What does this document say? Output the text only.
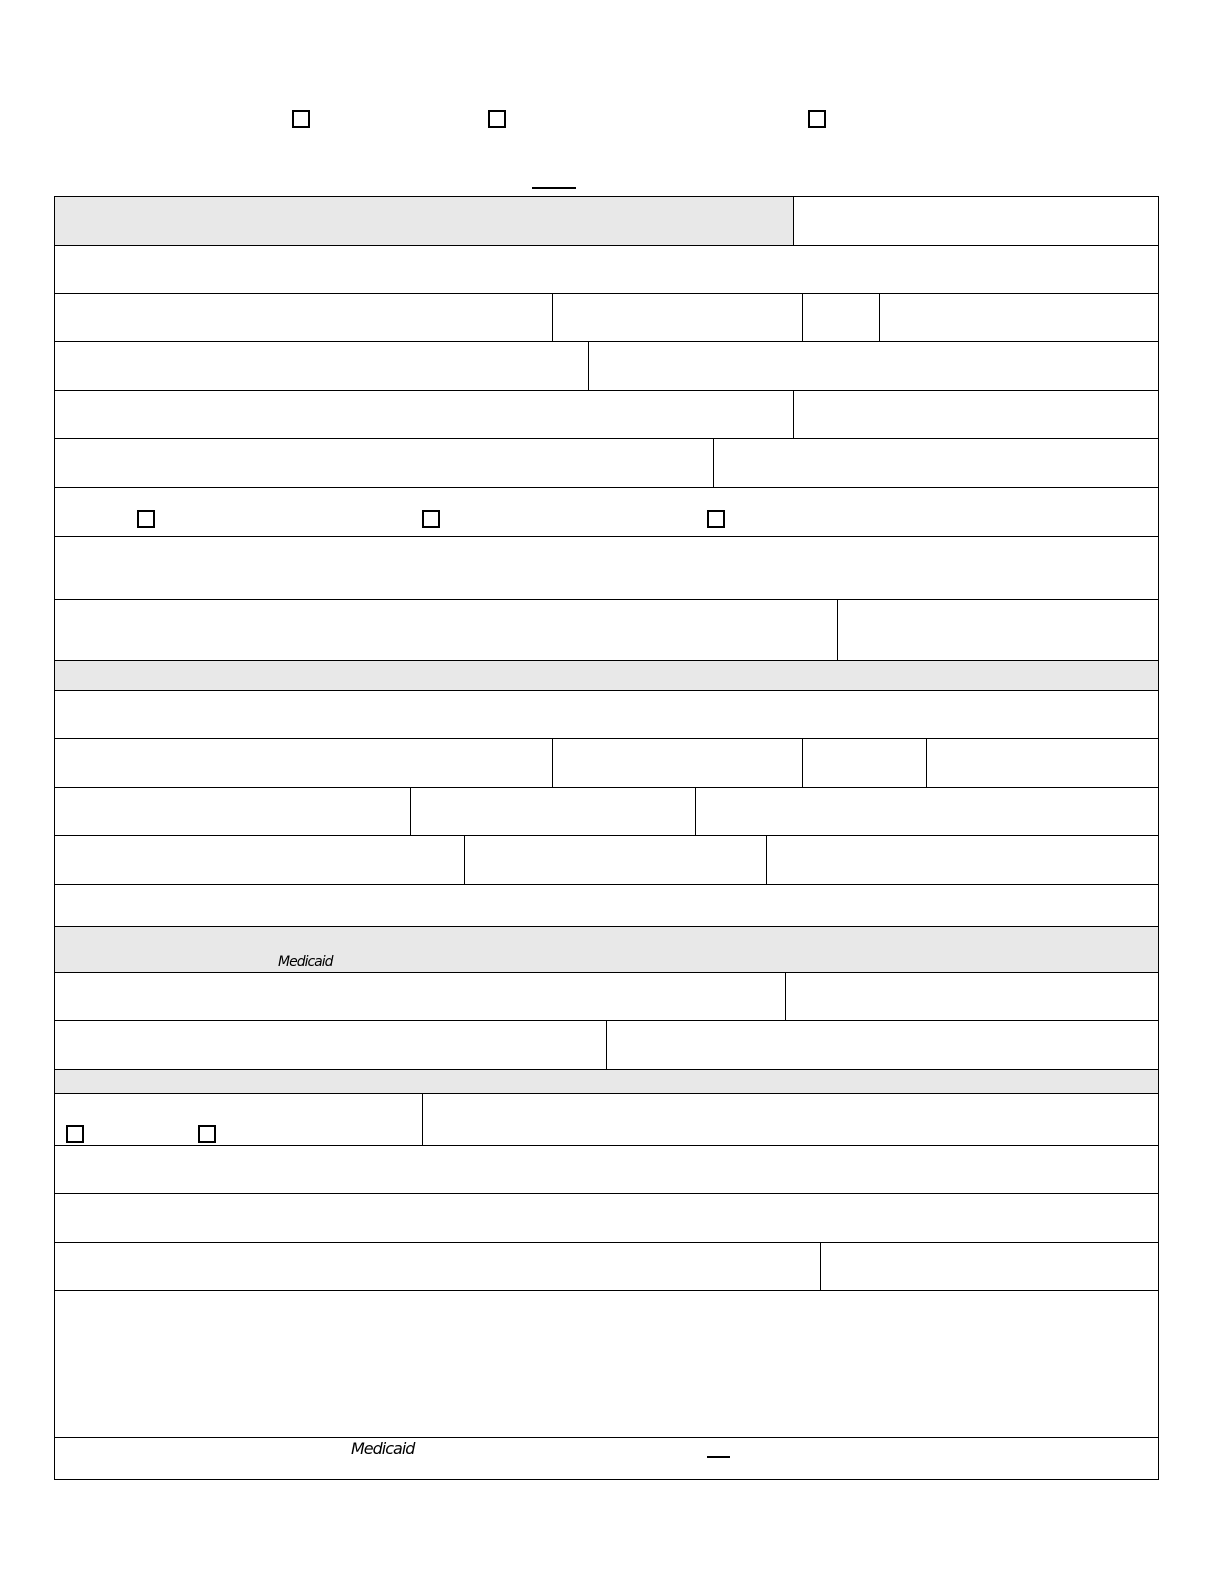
Medicaid
Medicaid
